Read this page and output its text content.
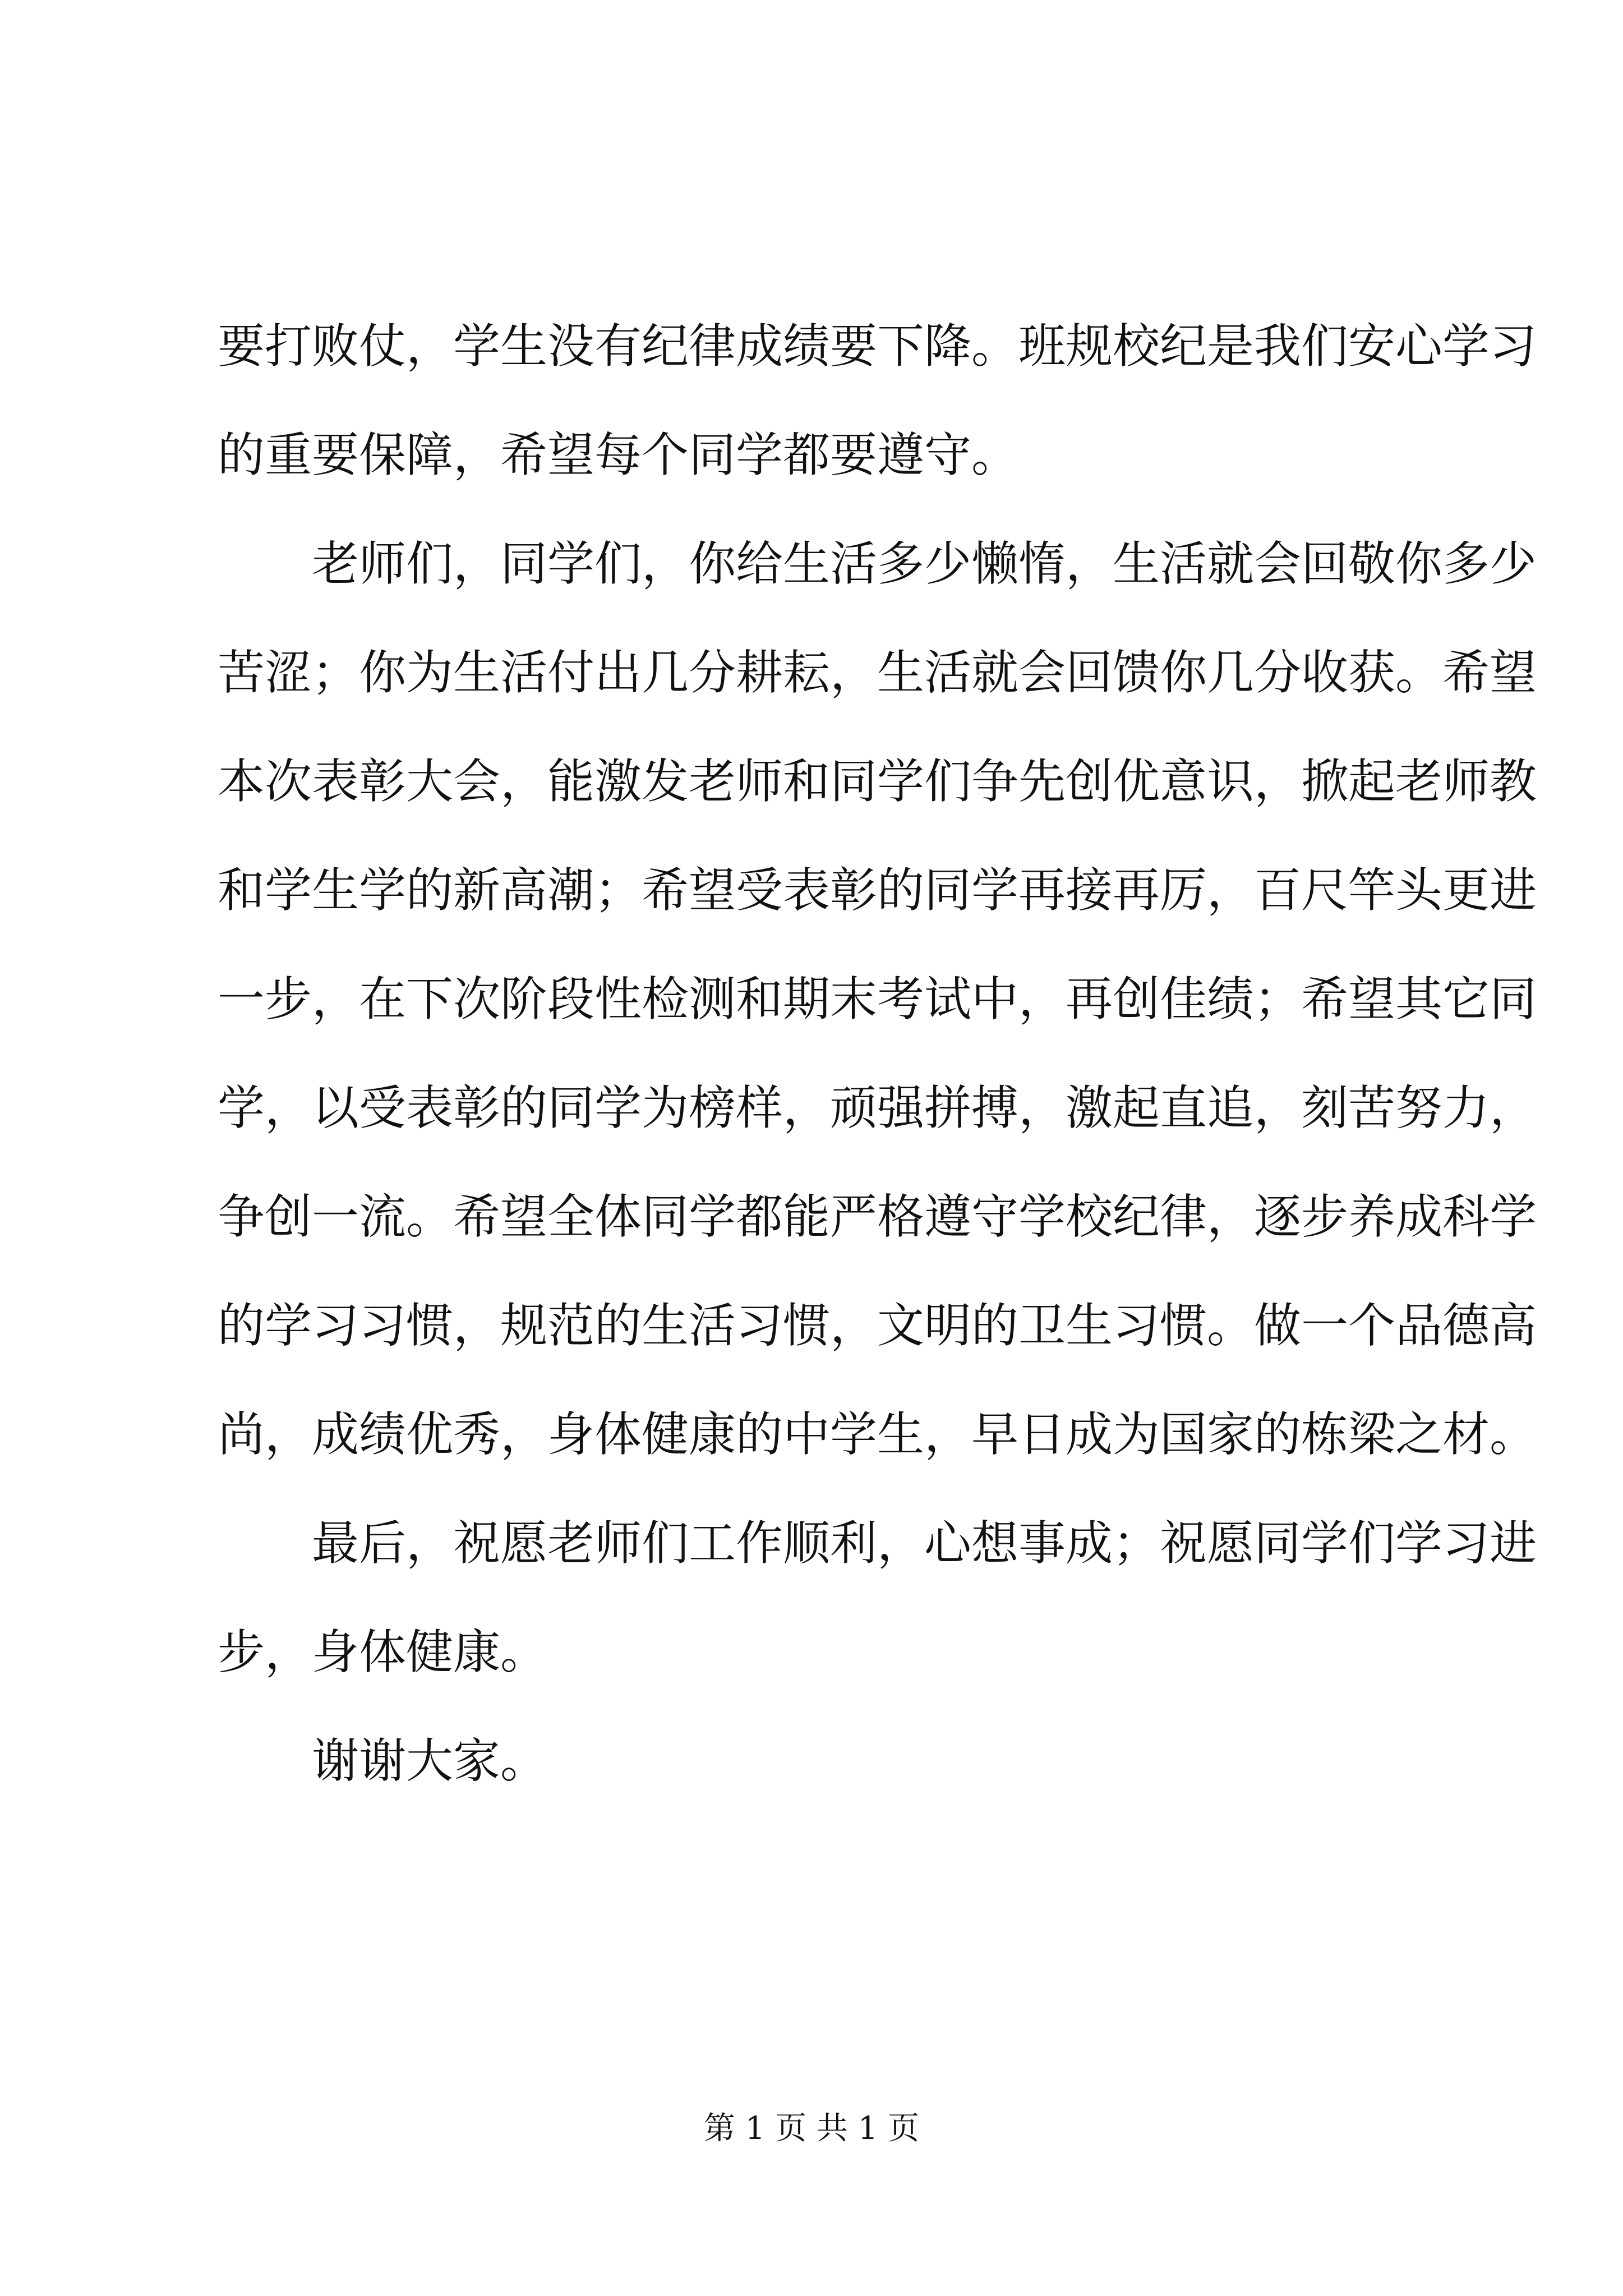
要打败仗，学生没有纪律成绩要下降。班规校纪是我们安心学习
的重要保障，希望每个同学都要遵守。
老师们，同学们，你给生活多少懒惰，生活就会回敬你多少
苦涩；你为生活付出几分耕耘，生活就会回馈你几分收获。希望
本次表彰大会，能激发老师和同学们争先创优意识，掀起老师教
和学生学的新高潮；希望受表彰的同学再接再厉，百尺竿头更进
一步，在下次阶段性检测和期末考试中，再创佳绩；希望其它同
学，以受表彰的同学为榜样，顽强拼搏，激起直追，刻苦努力，
争创一流。希望全体同学都能严格遵守学校纪律，逐步养成科学
的学习习惯，规范的生活习惯，文明的卫生习惯。做一个品德高
尚，成绩优秀，身体健康的中学生，早日成为国家的栋梁之材。
最后，祝愿老师们工作顺利，心想事成；祝愿同学们学习进
步，身体健康。
谢谢大家。
第 1 页 共 1 页
